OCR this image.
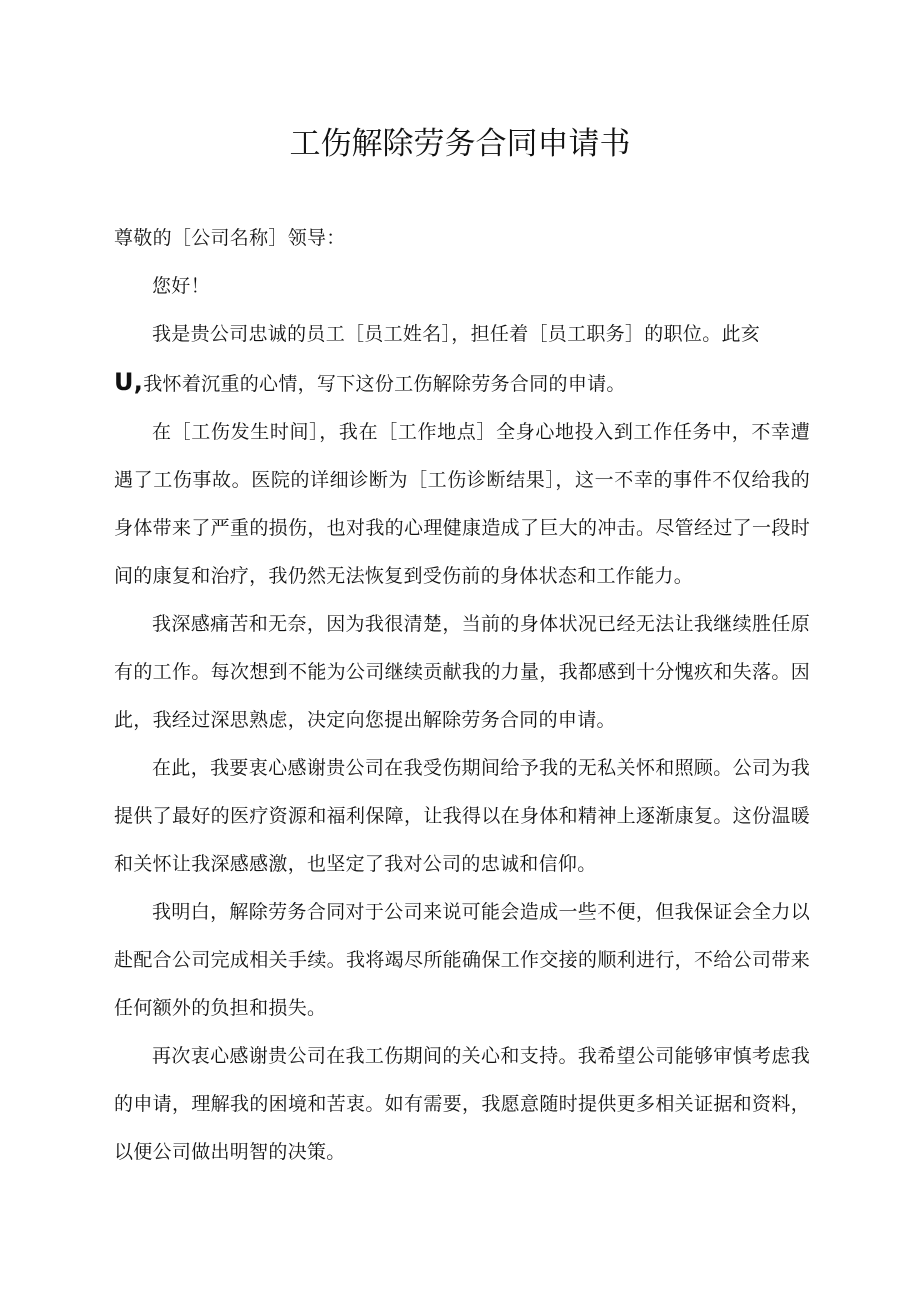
工伤解除劳务合同申请书

尊敬的［公司名称］领导：

您好！

我是贵公司忠诚的员工［员工姓名］，担任着［员工职务］的职位。此亥
U,我怀着沉重的心情，写下这份工伤解除劳务合同的申请。

在［工伤发生时间］，我在［工作地点］全身心地投入到工作任务中，不幸遭遇了工伤事故。医院的详细诊断为［工伤诊断结果］，这一不幸的事件不仅给我的身体带来了严重的损伤，也对我的心理健康造成了巨大的冲击。尽管经过了一段时间的康复和治疗，我仍然无法恢复到受伤前的身体状态和工作能力。

我深感痛苦和无奈，因为我很清楚，当前的身体状况已经无法让我继续胜任原有的工作。每次想到不能为公司继续贡献我的力量，我都感到十分愧疚和失落。因此，我经过深思熟虑，决定向您提出解除劳务合同的申请。

在此，我要衷心感谢贵公司在我受伤期间给予我的无私关怀和照顾。公司为我提供了最好的医疗资源和福利保障，让我得以在身体和精神上逐渐康复。这份温暖和关怀让我深感感激，也坚定了我对公司的忠诚和信仰。

我明白，解除劳务合同对于公司来说可能会造成一些不便，但我保证会全力以赴配合公司完成相关手续。我将竭尽所能确保工作交接的顺利进行，不给公司带来任何额外的负担和损失。

再次衷心感谢贵公司在我工伤期间的关心和支持。我希望公司能够审慎考虑我的申请，理解我的困境和苦衷。如有需要，我愿意随时提供更多相关证据和资料，以便公司做出明智的决策。
